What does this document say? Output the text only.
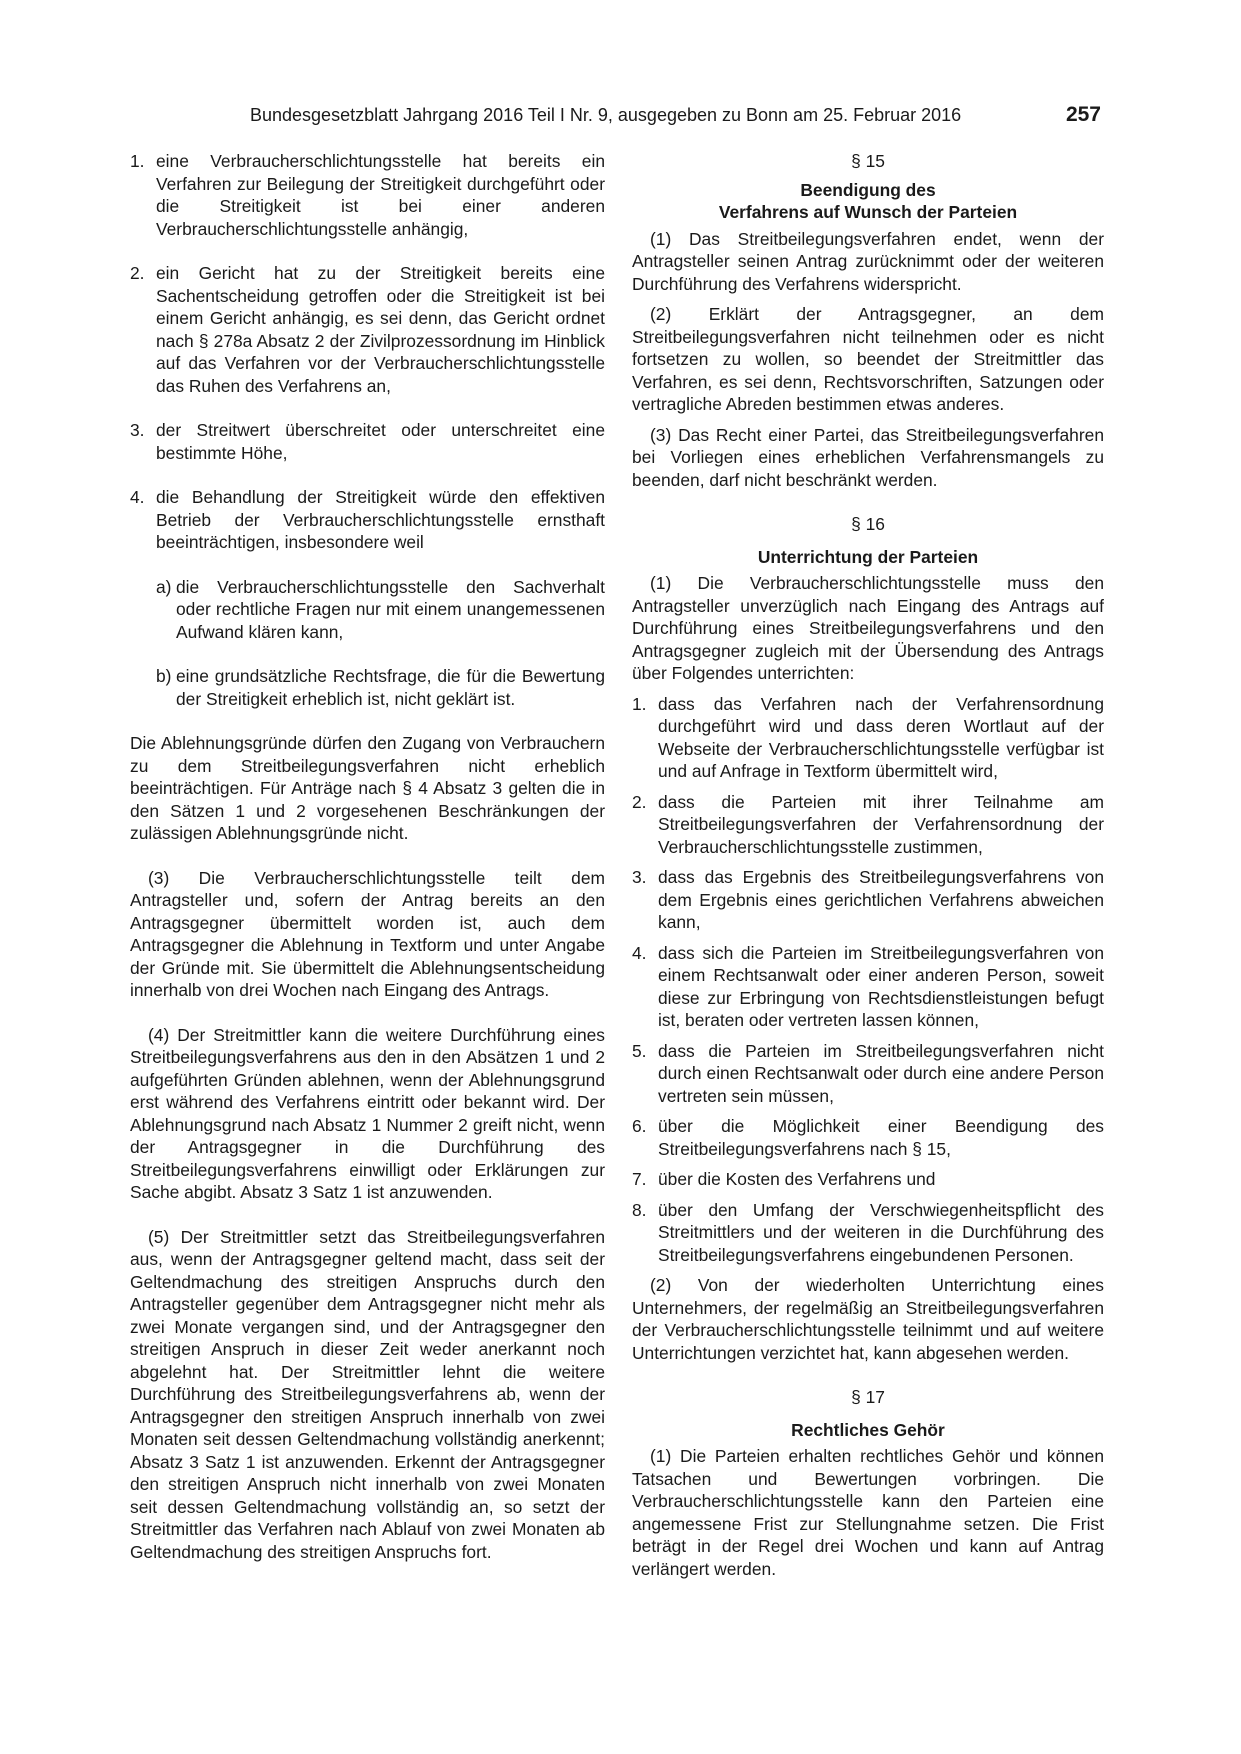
Bundesgesetzblatt Jahrgang 2016 Teil I Nr. 9, ausgegeben zu Bonn am 25. Februar 2016	257
1. eine Verbraucherschlichtungsstelle hat bereits ein Verfahren zur Beilegung der Streitigkeit durchgeführt oder die Streitigkeit ist bei einer anderen Verbraucherschlichtungsstelle anhängig,
2. ein Gericht hat zu der Streitigkeit bereits eine Sachentscheidung getroffen oder die Streitigkeit ist bei einem Gericht anhängig, es sei denn, das Gericht ordnet nach § 278a Absatz 2 der Zivilprozessordnung im Hinblick auf das Verfahren vor der Verbraucherschlichtungsstelle das Ruhen des Verfahrens an,
3. der Streitwert überschreitet oder unterschreitet eine bestimmte Höhe,
4. die Behandlung der Streitigkeit würde den effektiven Betrieb der Verbraucherschlichtungsstelle ernsthaft beeinträchtigen, insbesondere weil
a) die Verbraucherschlichtungsstelle den Sachverhalt oder rechtliche Fragen nur mit einem unangemessenen Aufwand klären kann,
b) eine grundsätzliche Rechtsfrage, die für die Bewertung der Streitigkeit erheblich ist, nicht geklärt ist.

Die Ablehnungsgründe dürfen den Zugang von Verbrauchern zu dem Streitbeilegungsverfahren nicht erheblich beeinträchtigen. Für Anträge nach § 4 Absatz 3 gelten die in den Sätzen 1 und 2 vorgesehenen Beschränkungen der zulässigen Ablehnungsgründe nicht.

(3) Die Verbraucherschlichtungsstelle teilt dem Antragsteller und, sofern der Antrag bereits an den Antragsgegner übermittelt worden ist, auch dem Antragsgegner die Ablehnung in Textform und unter Angabe der Gründe mit. Sie übermittelt die Ablehnungsentscheidung innerhalb von drei Wochen nach Eingang des Antrags.

(4) Der Streitmittler kann die weitere Durchführung eines Streitbeilegungsverfahrens aus den in den Absätzen 1 und 2 aufgeführten Gründen ablehnen, wenn der Ablehnungsgrund erst während des Verfahrens eintritt oder bekannt wird. Der Ablehnungsgrund nach Absatz 1 Nummer 2 greift nicht, wenn der Antragsgegner in die Durchführung des Streitbeilegungsverfahrens einwilligt oder Erklärungen zur Sache abgibt. Absatz 3 Satz 1 ist anzuwenden.

(5) Der Streitmittler setzt das Streitbeilegungsverfahren aus, wenn der Antragsgegner geltend macht, dass seit der Geltendmachung des streitigen Anspruchs durch den Antragsteller gegenüber dem Antragsgegner nicht mehr als zwei Monate vergangen sind, und der Antragsgegner den streitigen Anspruch in dieser Zeit weder anerkannt noch abgelehnt hat. Der Streitmittler lehnt die weitere Durchführung des Streitbeilegungsverfahrens ab, wenn der Antragsgegner den streitigen Anspruch innerhalb von zwei Monaten seit dessen Geltendmachung vollständig anerkennt; Absatz 3 Satz 1 ist anzuwenden. Erkennt der Antragsgegner den streitigen Anspruch nicht innerhalb von zwei Monaten seit dessen Geltendmachung vollständig an, so setzt der Streitmittler das Verfahren nach Ablauf von zwei Monaten ab Geltendmachung des streitigen Anspruchs fort.

§ 15

Beendigung des

Verfahrens auf Wunsch der Parteien

(1) Das Streitbeilegungsverfahren endet, wenn der Antragsteller seinen Antrag zurücknimmt oder der weiteren Durchführung des Verfahrens widerspricht.

(2) Erklärt der Antragsgegner, an dem Streitbeilegungsverfahren nicht teilnehmen oder es nicht fortsetzen zu wollen, so beendet der Streitmittler das Verfahren, es sei denn, Rechtsvorschriften, Satzungen oder vertragliche Abreden bestimmen etwas anderes.

(3) Das Recht einer Partei, das Streitbeilegungsverfahren bei Vorliegen eines erheblichen Verfahrensmangels zu beenden, darf nicht beschränkt werden.

§ 16

Unterrichtung der Parteien

(1) Die Verbraucherschlichtungsstelle muss den Antragsteller unverzüglich nach Eingang des Antrags auf Durchführung eines Streitbeilegungsverfahrens und den Antragsgegner zugleich mit der Übersendung des Antrags über Folgendes unterrichten:

1. dass das Verfahren nach der Verfahrensordnung durchgeführt wird und dass deren Wortlaut auf der Webseite der Verbraucherschlichtungsstelle verfügbar ist und auf Anfrage in Textform übermittelt wird,
2. dass die Parteien mit ihrer Teilnahme am Streitbeilegungsverfahren der Verfahrensordnung der Verbraucherschlichtungsstelle zustimmen,
3. dass das Ergebnis des Streitbeilegungsverfahrens von dem Ergebnis eines gerichtlichen Verfahrens abweichen kann,
4. dass sich die Parteien im Streitbeilegungsverfahren von einem Rechtsanwalt oder einer anderen Person, soweit diese zur Erbringung von Rechtsdienstleistungen befugt ist, beraten oder vertreten lassen können,
5. dass die Parteien im Streitbeilegungsverfahren nicht durch einen Rechtsanwalt oder durch eine andere Person vertreten sein müssen,
6. über die Möglichkeit einer Beendigung des Streitbeilegungsverfahrens nach § 15,
7. über die Kosten des Verfahrens und
8. über den Umfang der Verschwiegenheitspflicht des Streitmittlers und der weiteren in die Durchführung des Streitbeilegungsverfahrens eingebundenen Personen.

(2) Von der wiederholten Unterrichtung eines Unternehmers, der regelmäßig an Streitbeilegungsverfahren der Verbraucherschlichtungsstelle teilnimmt und auf weitere Unterrichtungen verzichtet hat, kann abgesehen werden.

§ 17

Rechtliches Gehör

(1) Die Parteien erhalten rechtliches Gehör und können Tatsachen und Bewertungen vorbringen. Die Verbraucherschlichtungsstelle kann den Parteien eine angemessene Frist zur Stellungnahme setzen. Die Frist beträgt in der Regel drei Wochen und kann auf Antrag verlängert werden.
